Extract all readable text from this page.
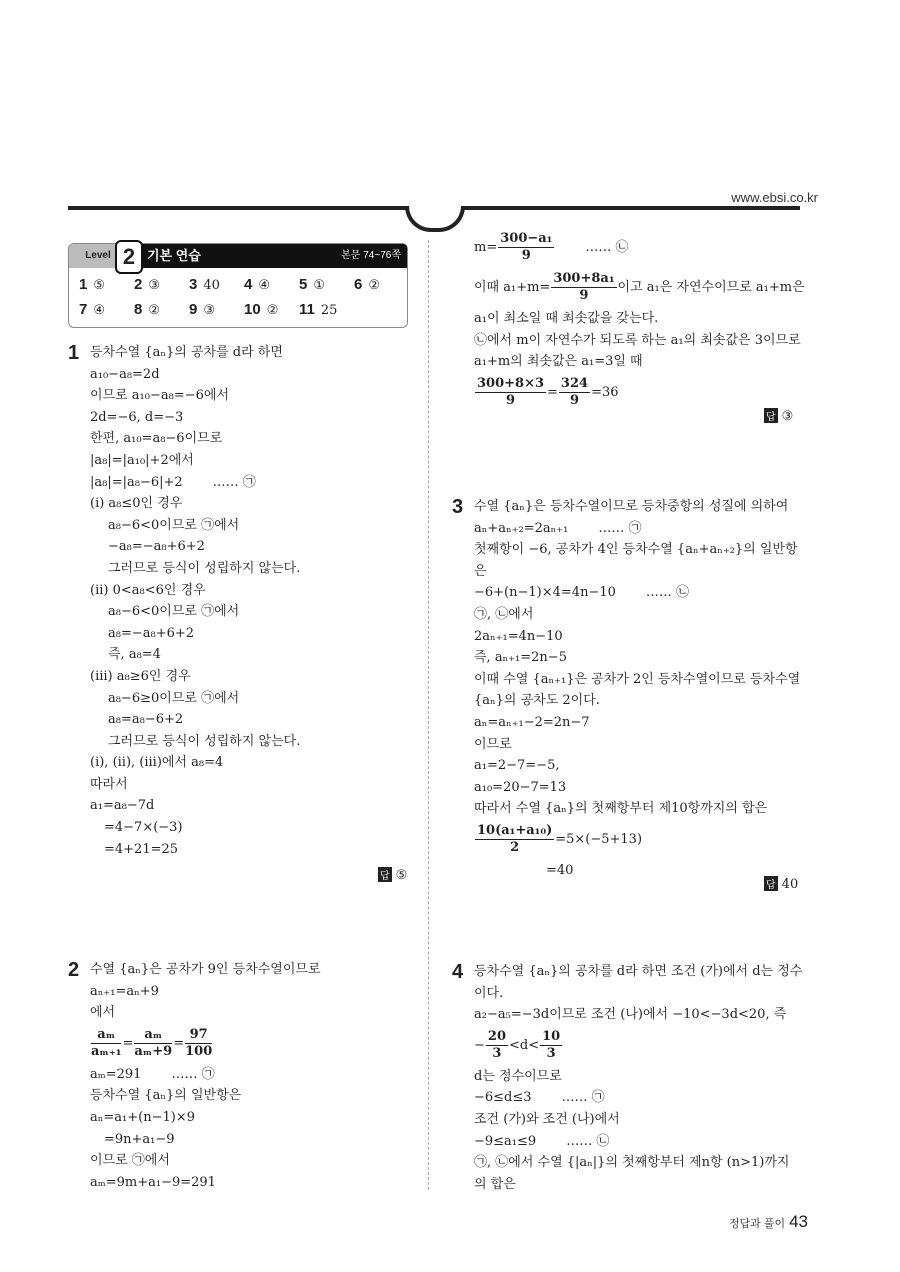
www.ebsi.co.kr
Level 2 기본 연습	본문 74~76쪽
1 ⑤ 2 ③ 3 40 4 ④ 5 ① 6 ②
7 ④ 8 ② 9 ③ 10 ② 11 25
1 등차수열 {aₙ}의 공차를 d라 하면
a₁₀−a₈=2d
이므로 a₁₀−a₈=−6에서
2d=−6, d=−3
한편, a₁₀=a₈−6이므로
|a₈|=|a₁₀|+2에서
|a₈|=|a₈−6|+2 …… ㉠
(i) a₈≤0인 경우
a₈−6<0이므로 ㉠에서
−a₈=−a₈+6+2
그러므로 등식이 성립하지 않는다.
(ii) 0<a₈<6인 경우
a₈−6<0이므로 ㉠에서
a₈=−a₈+6+2
즉, a₈=4
(iii) a₈≥6인 경우
a₈−6≥0이므로 ㉠에서
a₈=a₈−6+2
그러므로 등식이 성립하지 않는다.
(i), (ii), (iii)에서 a₈=4
따라서
a₁=a₈−7d
=4−7×(−3)
=4+21=25
2 수열 {aₙ}은 공차가 9인 등차수열이므로
aₙ₊₁=aₙ+9
에서
$\frac{\text{aₘ}}{\text{aₘ₊₁}} = \frac{\text{aₘ}}{\text{aₘ+9}} = \frac{97}{100}$
aₘ=291 …… ㉠
등차수열 {aₙ}의 일반항은
aₙ=a₁+(n−1)×9
=9n+a₁−9
이므로 ㉠에서
aₘ=9m+a₁−9=291
$m= \frac{\text{300−a₁}}{9}$ …… ㉡
이때 $a_1+m= \frac{\text{300+8a₁}}{9}$ 이고 a₁은 자연수이므로 a₁+m은
a₁이 최소일 때 최솟값을 갖는다.
㉡에서 m이 자연수가 되도록 하는 a₁의 최솟값은 3이므로
a₁+m의 최솟값은 a₁=3일 때
$\frac{300+8\times 3}{9} = \frac{324}{9} =36$
3 수열 {aₙ}은 등차수열이므로 등차중항의 성질에 의하여
aₙ+aₙ₊₂=2aₙ₊₁ …… ㉠
첫째항이 −6, 공차가 4인 등차수열 {aₙ+aₙ₊₂}의 일반항
은
−6+(n−1)×4=4n−10 …… ㉡
㉠, ㉡에서
2aₙ₊₁=4n−10
즉, aₙ₊₁=2n−5
이때 수열 {aₙ₊₁}은 공차가 2인 등차수열이므로 등차수열
{aₙ}의 공차도 2이다.
aₙ=aₙ₊₁−2=2n−7
이므로
a₁=2−7=−5,
a₁₀=20−7=13
따라서 수열 {aₙ}의 첫째항부터 제10항까지의 합은
$\frac{\text{10(a₁+a₁₀)}}{2} =5\times(-5+13)$
=40
4 등차수열 {aₙ}의 공차를 d라 하면 조건 (가)에서 d는 정수
이다.
a₂−a₅=−3d이므로 조건 (나)에서 −10<−3d<20, 즉
− $\frac{20}{3} <d< \frac{10}{3}$
d는 정수이므로
−6≤d≤3 …… ㉠
조건 (가)와 조건 (나)에서
−9≤a₁≤9 …… ㉡
㉠, ㉡에서 수열 {|aₙ|}의 첫째항부터 제n항 (n>1)까지
의 합은
답 ⑤
답 ③
답 40
정답과 풀이 43
